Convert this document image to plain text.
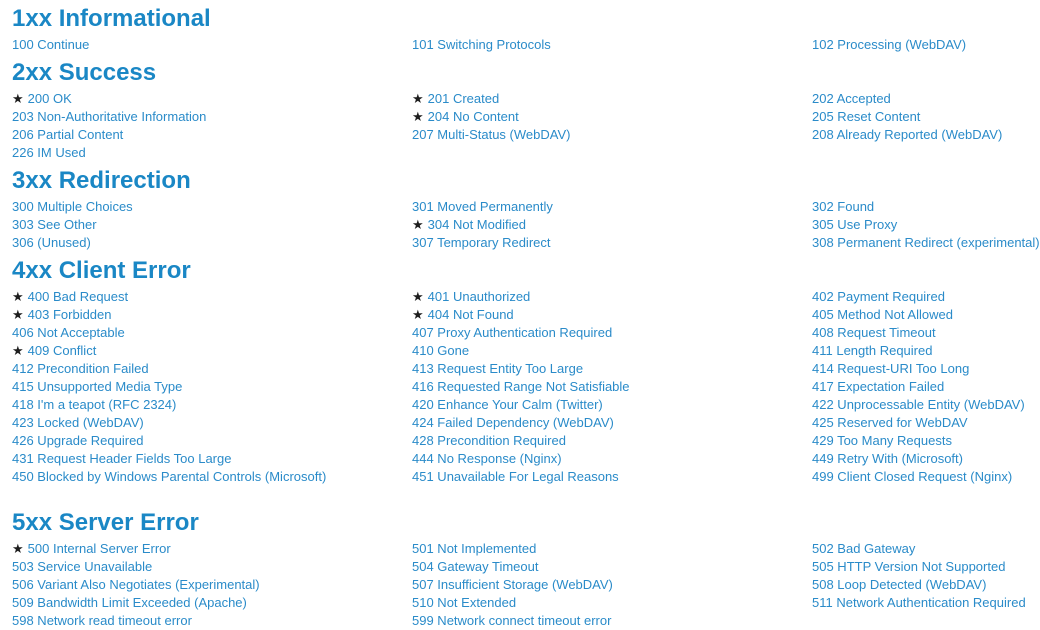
1xx Informational
100 Continue	101 Switching Protocols	102 Processing (WebDAV)
2xx Success
★ 200 OK	★ 201 Created	202 Accepted
203 Non-Authoritative Information	★ 204 No Content	205 Reset Content
206 Partial Content	207 Multi-Status (WebDAV)	208 Already Reported (WebDAV)
226 IM Used
3xx Redirection
300 Multiple Choices	301 Moved Permanently	302 Found
303 See Other	★ 304 Not Modified	305 Use Proxy
306 (Unused)	307 Temporary Redirect	308 Permanent Redirect (experimental)
4xx Client Error
★ 400 Bad Request	★ 401 Unauthorized	402 Payment Required
★ 403 Forbidden	★ 404 Not Found	405 Method Not Allowed
406 Not Acceptable	407 Proxy Authentication Required	408 Request Timeout
★ 409 Conflict	410 Gone	411 Length Required
412 Precondition Failed	413 Request Entity Too Large	414 Request-URI Too Long
415 Unsupported Media Type	416 Requested Range Not Satisfiable	417 Expectation Failed
418 I'm a teapot (RFC 2324)	420 Enhance Your Calm (Twitter)	422 Unprocessable Entity (WebDAV)
423 Locked (WebDAV)	424 Failed Dependency (WebDAV)	425 Reserved for WebDAV
426 Upgrade Required	428 Precondition Required	429 Too Many Requests
431 Request Header Fields Too Large	444 No Response (Nginx)	449 Retry With (Microsoft)
450 Blocked by Windows Parental Controls (Microsoft)	451 Unavailable For Legal Reasons	499 Client Closed Request (Nginx)
5xx Server Error
★ 500 Internal Server Error	501 Not Implemented	502 Bad Gateway
503 Service Unavailable	504 Gateway Timeout	505 HTTP Version Not Supported
506 Variant Also Negotiates (Experimental)	507 Insufficient Storage (WebDAV)	508 Loop Detected (WebDAV)
509 Bandwidth Limit Exceeded (Apache)	510 Not Extended	511 Network Authentication Required
598 Network read timeout error	599 Network connect timeout error
